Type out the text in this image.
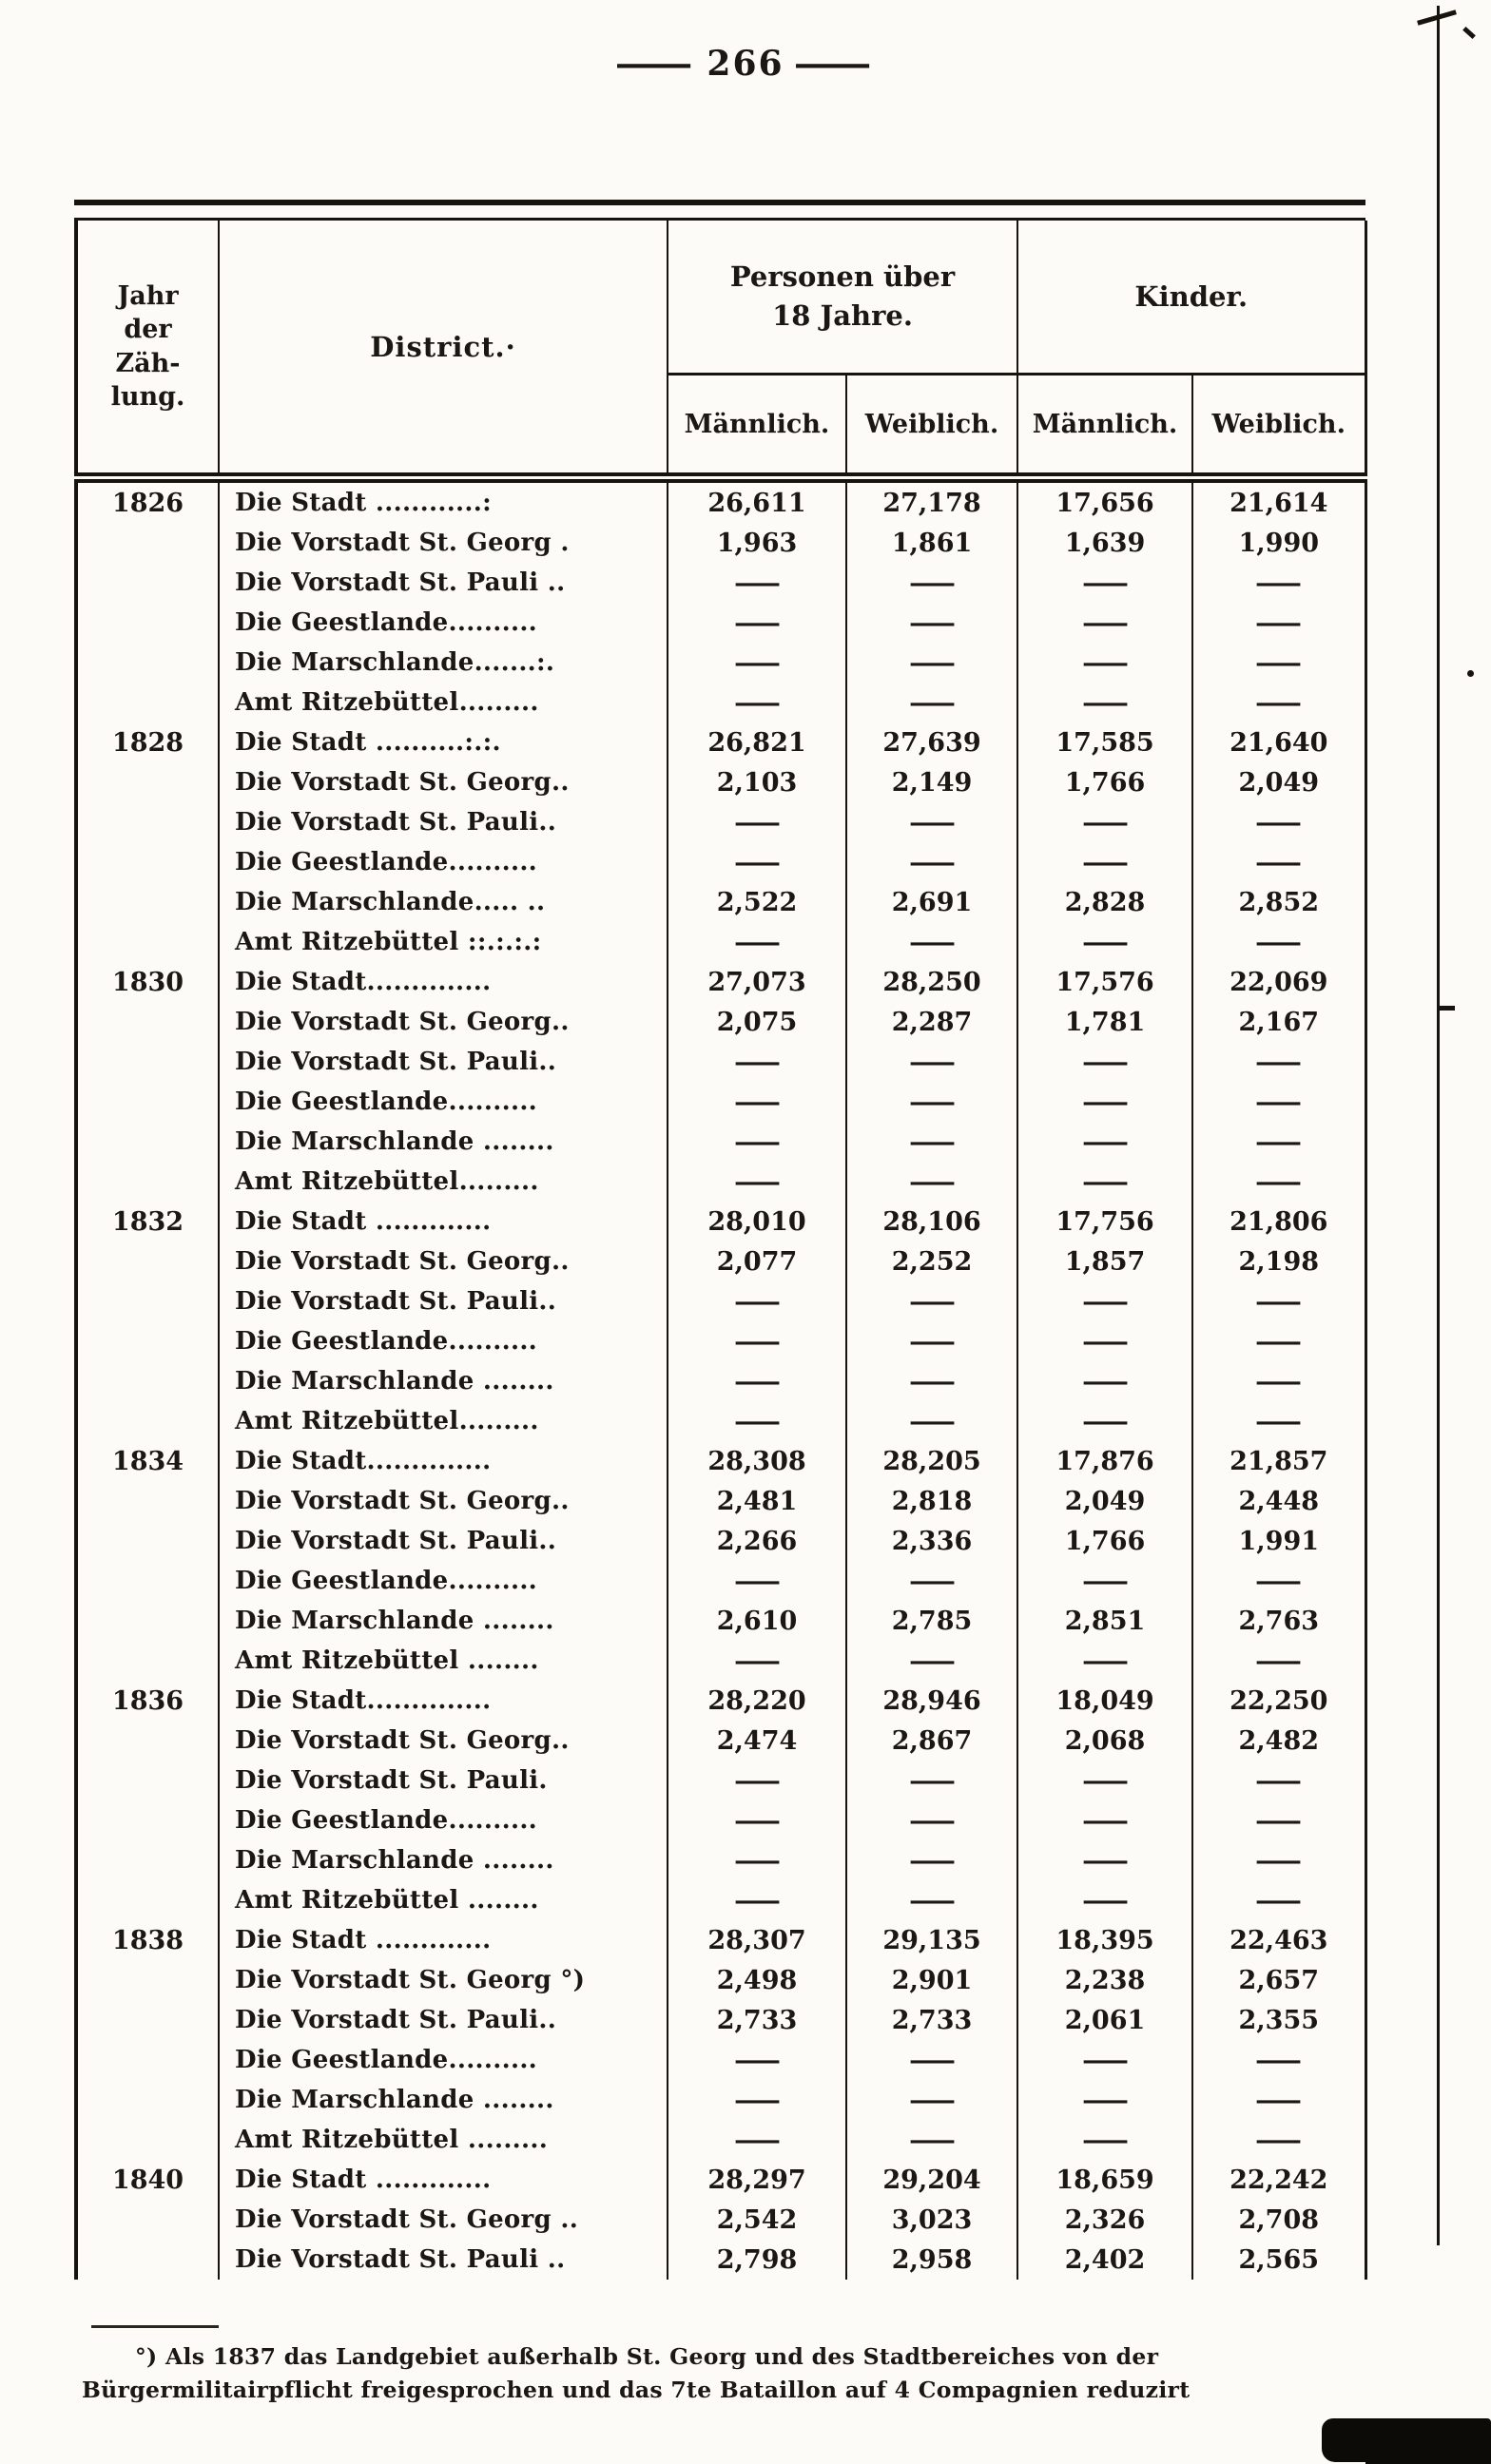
— 266 —
Jahr
der
Zäh-
lung.
	District.·	
Personen über
18 Jahre.
	Kinder.
		Männlich.	Weiblich.	Männlich.	Weiblich.
1826	Die Stadt ............:	26,611	27,178	17,656	21,614
	Die Vorstadt St. Georg .	1,963	1,861	1,639	1,990
	Die Vorstadt St. Pauli ..	—	—	—	—
	Die Geestlande..........	—	—	—	—
	Die Marschlande.......:.	—	—	—	—
	Amt Ritzebüttel.........	—	—	—	—
1828	Die Stadt ..........:.:.	26,821	27,639	17,585	21,640
	Die Vorstadt St. Georg..	2,103	2,149	1,766	2,049
	Die Vorstadt St. Pauli..	—	—	—	—
	Die Geestlande..........	—	—	—	—
	Die Marschlande..... ..	2,522	2,691	2,828	2,852
	Amt Ritzebüttel ::.:.:.:	—	—	—	—
1830	Die Stadt..............	27,073	28,250	17,576	22,069
	Die Vorstadt St. Georg..	2,075	2,287	1,781	2,167
	Die Vorstadt St. Pauli..	—	—	—	—
	Die Geestlande..........	—	—	—	—
	Die Marschlande ........	—	—	—	—
	Amt Ritzebüttel.........	—	—	—	—
1832	Die Stadt .............	28,010	28,106	17,756	21,806
	Die Vorstadt St. Georg..	2,077	2,252	1,857	2,198
	Die Vorstadt St. Pauli..	—	—	—	—
	Die Geestlande..........	—	—	—	—
	Die Marschlande ........	—	—	—	—
	Amt Ritzebüttel.........	—	—	—	—
1834	Die Stadt..............	28,308	28,205	17,876	21,857
	Die Vorstadt St. Georg..	2,481	2,818	2,049	2,448
	Die Vorstadt St. Pauli..	2,266	2,336	1,766	1,991
	Die Geestlande..........	—	—	—	—
	Die Marschlande ........	2,610	2,785	2,851	2,763
	Amt Ritzebüttel ........	—	—	—	—
1836	Die Stadt..............	28,220	28,946	18,049	22,250
	Die Vorstadt St. Georg..	2,474	2,867	2,068	2,482
	Die Vorstadt St. Pauli.	—	—	—	—
	Die Geestlande..........	—	—	—	—
	Die Marschlande ........	—	—	—	—
	Amt Ritzebüttel ........	—	—	—	—
1838	Die Stadt .............	28,307	29,135	18,395	22,463
	Die Vorstadt St. Georg °)	2,498	2,901	2,238	2,657
	Die Vorstadt St. Pauli..	2,733	2,733	2,061	2,355
	Die Geestlande..........	—	—	—	—
	Die Marschlande ........	—	—	—	—
	Amt Ritzebüttel .........	—	—	—	—
1840	Die Stadt .............	28,297	29,204	18,659	22,242
	Die Vorstadt St. Georg ..	2,542	3,023	2,326	2,708
	Die Vorstadt St. Pauli ..	2,798	2,958	2,402	2,565
°) Als 1837 das Landgebiet außerhalb St. Georg und des Stadtbereiches von der
Bürgermilitairpflicht freigesprochen und das 7te Bataillon auf 4 Compagnien reduzirt
